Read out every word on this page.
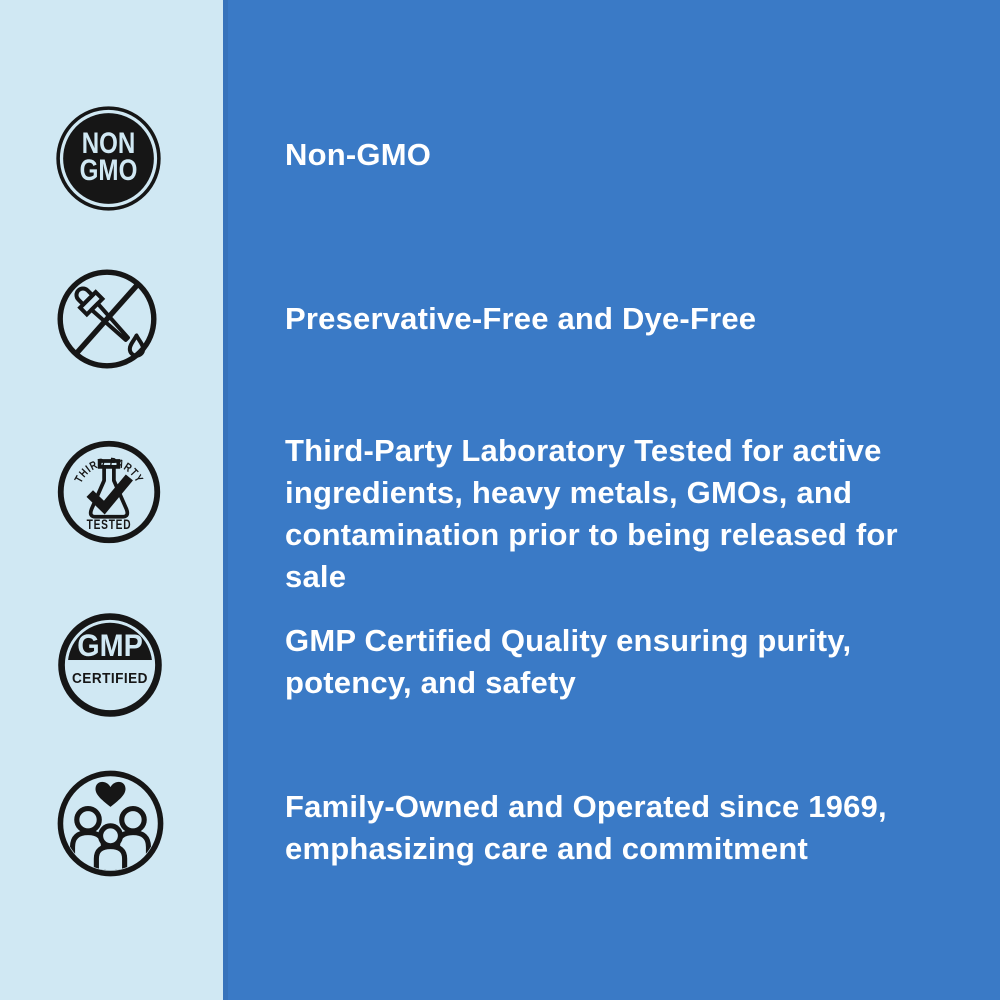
NON
GMO	Non-GMO
Preservative-Free and Dye-Free
THIRD PARTY
TESTED
Third-Party Laboratory Tested for active
ingredients, heavy metals, GMOs, and
contamination prior to being released for sale
GMP
CERTIFIED
GMP Certified Quality ensuring purity,
potency, and safety
Family-Owned and Operated since 1969,
emphasizing care and commitment
